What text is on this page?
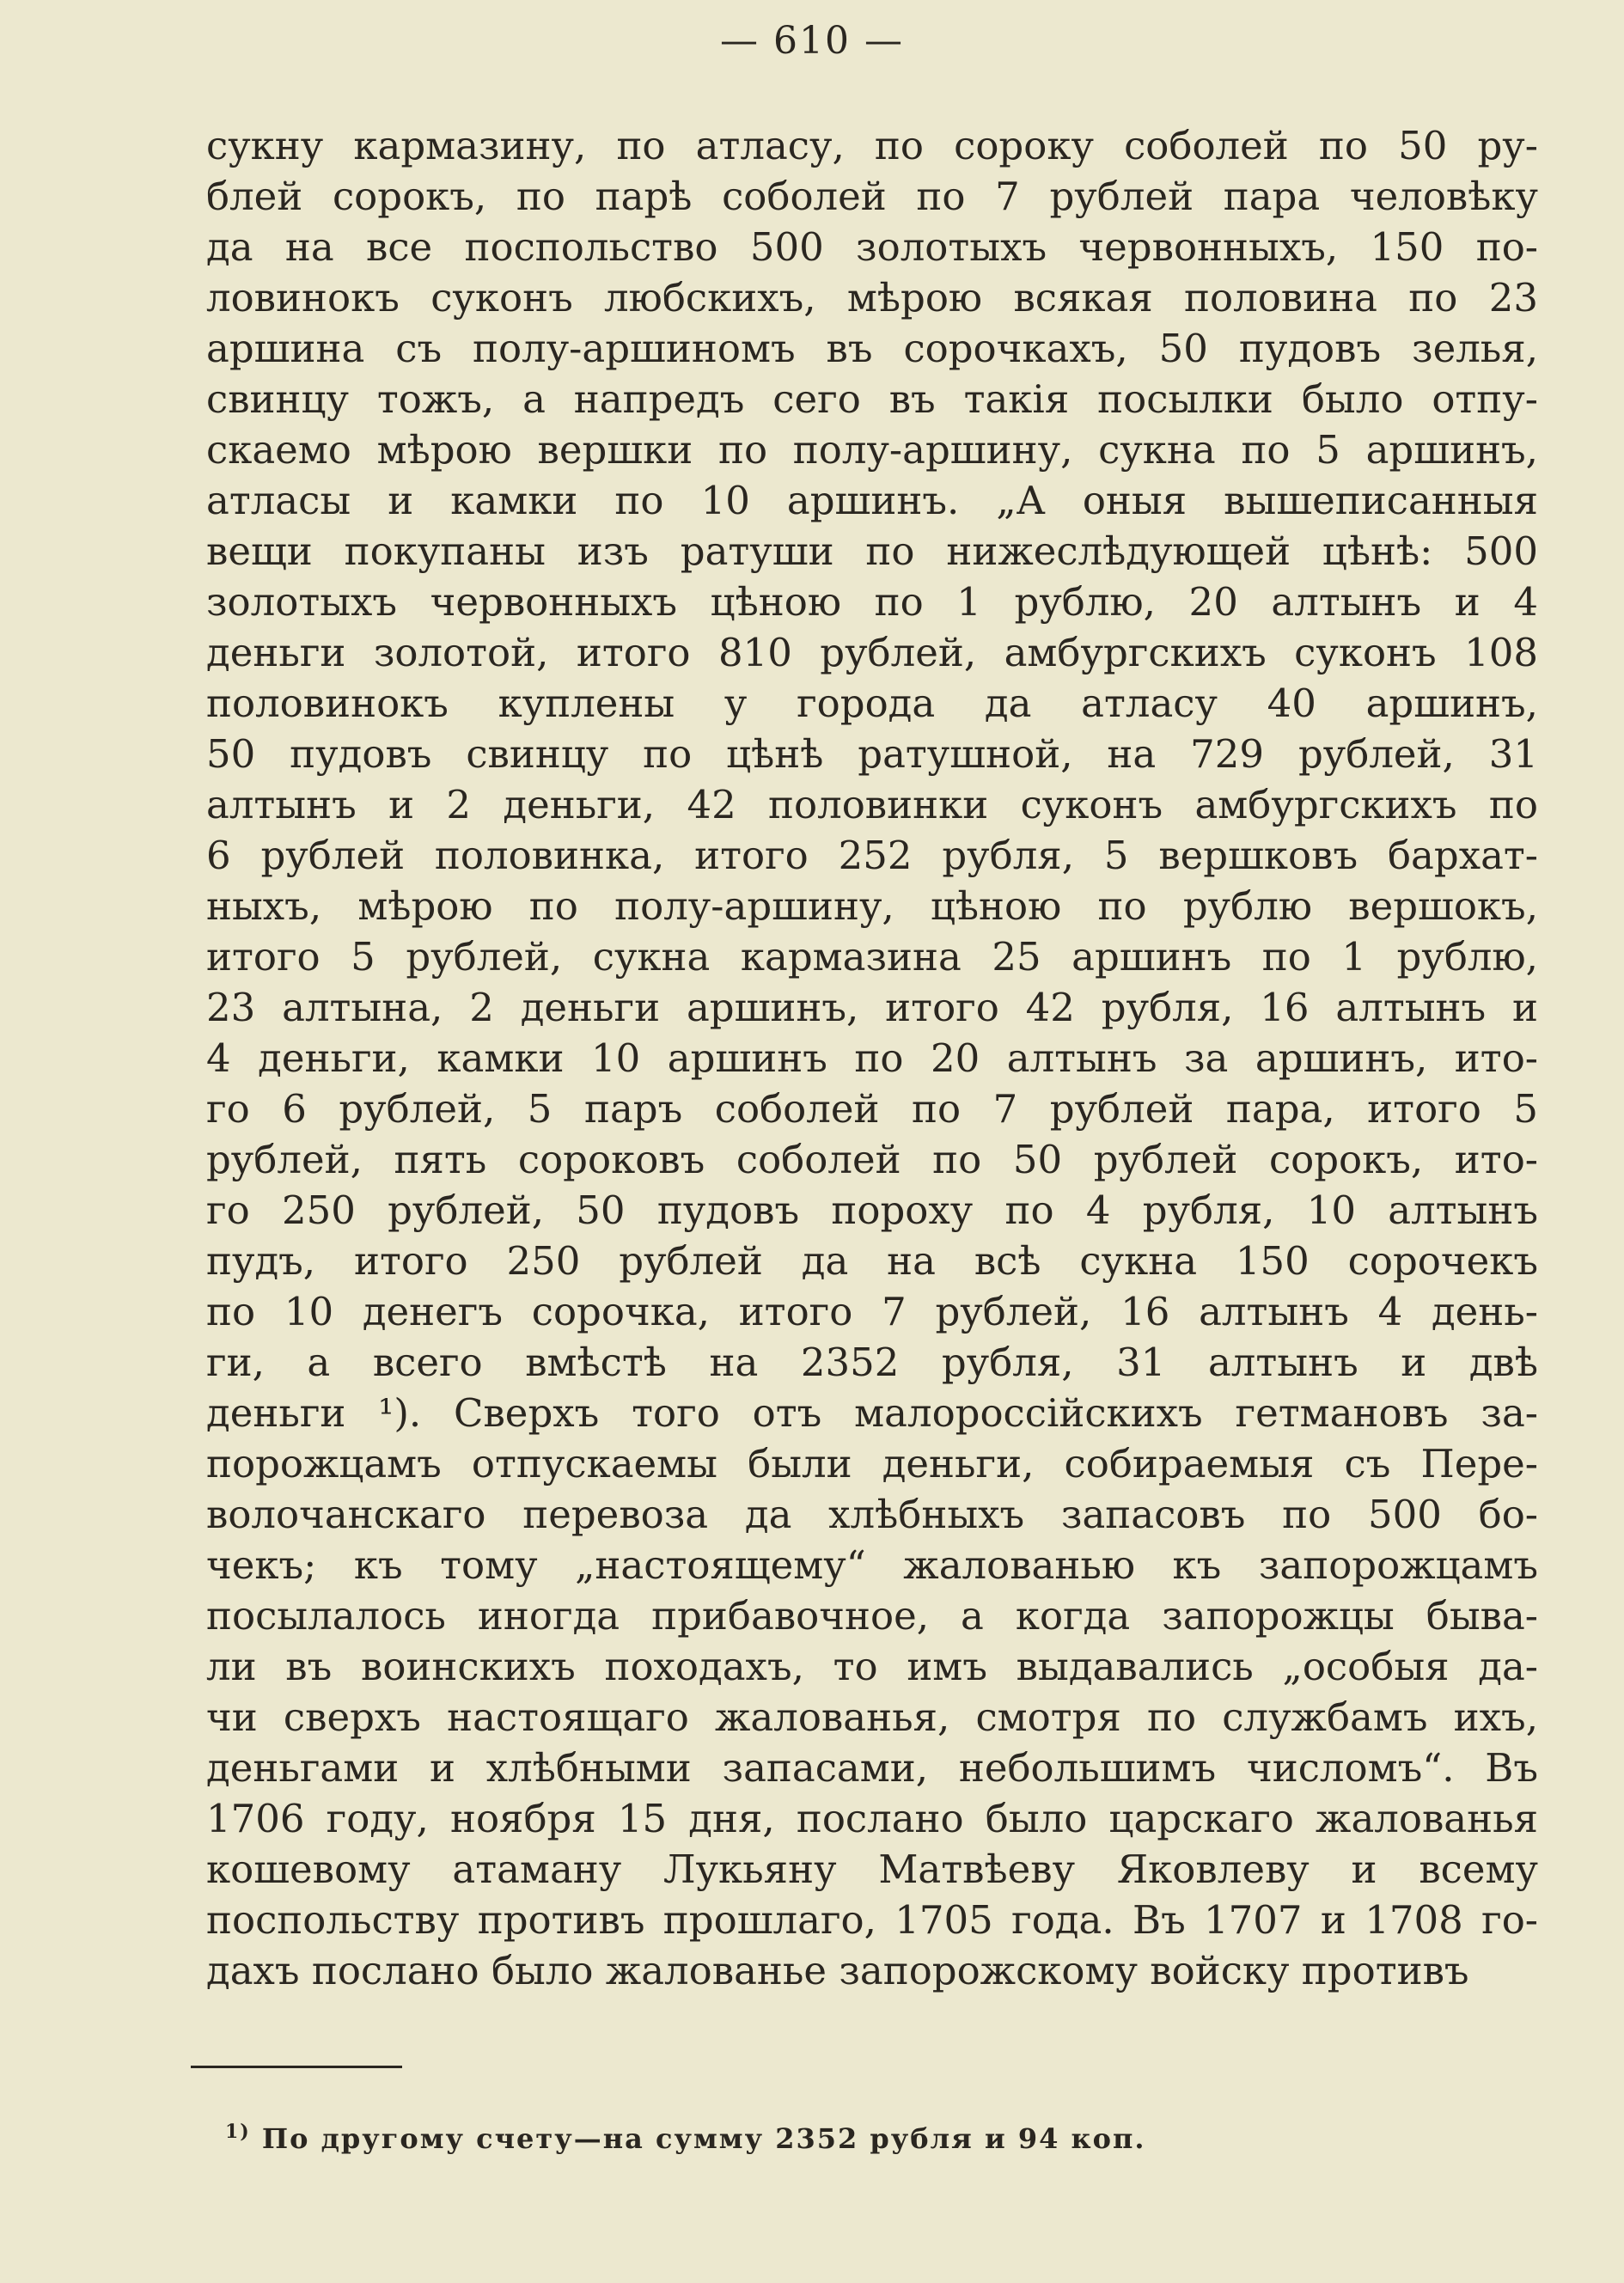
— 610 —
сукну кармазину, по атласу, по сороку соболей по 50 ру-
блей сорокъ, по парѣ соболей по 7 рублей пара человѣку
да на все поспольство 500 золотыхъ червонныхъ, 150 по-
ловинокъ суконъ любскихъ, мѣрою всякая половина по 23
аршина съ полу-аршиномъ въ сорочкахъ, 50 пудовъ зелья,
свинцу тожъ, а напредъ сего въ такія посылки было отпу-
скаемо мѣрою вершки по полу-аршину, сукна по 5 аршинъ,
атласы и камки по 10 аршинъ. „А оныя вышеписанныя
вещи покупаны изъ ратуши по нижеслѣдующей цѣнѣ: 500
золотыхъ червонныхъ цѣною по 1 рублю, 20 алтынъ и 4
деньги золотой, итого 810 рублей, амбургскихъ суконъ 108
половинокъ куплены у города да атласу 40 аршинъ,
50 пудовъ свинцу по цѣнѣ ратушной, на 729 рублей, 31
алтынъ и 2 деньги, 42 половинки суконъ амбургскихъ по
6 рублей половинка, итого 252 рубля, 5 вершковъ бархат-
ныхъ, мѣрою по полу-аршину, цѣною по рублю вершокъ,
итого 5 рублей, сукна кармазина 25 аршинъ по 1 рублю,
23 алтына, 2 деньги аршинъ, итого 42 рубля, 16 алтынъ и
4 деньги, камки 10 аршинъ по 20 алтынъ за аршинъ, ито-
го 6 рублей, 5 паръ соболей по 7 рублей пара, итого 5
рублей, пять сороковъ соболей по 50 рублей сорокъ, ито-
го 250 рублей, 50 пудовъ пороху по 4 рубля, 10 алтынъ
пудъ, итого 250 рублей да на всѣ сукна 150 сорочекъ
по 10 денегъ сорочка, итого 7 рублей, 16 алтынъ 4 день-
ги, а всего вмѣстѣ на 2352 рубля, 31 алтынъ и двѣ
деньги ¹). Сверхъ того отъ малороссійскихъ гетмановъ за-
порожцамъ отпускаемы были деньги, собираемыя съ Пере-
волочанскаго перевоза да хлѣбныхъ запасовъ по 500 бо-
чекъ; къ тому „настоящему“ жалованью къ запорожцамъ
посылалось иногда прибавочное, а когда запорожцы быва-
ли въ воинскихъ походахъ, то имъ выдавались „особыя да-
чи сверхъ настоящаго жалованья, смотря по службамъ ихъ,
деньгами и хлѣбными запасами, небольшимъ числомъ“. Въ
1706 году, ноября 15 дня, послано было царскаго жалованья
кошевому атаману Лукьяну Матвѣеву Яковлеву и всему
поспольству противъ прошлаго, 1705 года. Въ 1707 и 1708 го-
дахъ послано было жалованье запорожскому войску противъ
$^{1)}$ По другому счету—на сумму 2352 рубля и 94 коп.
